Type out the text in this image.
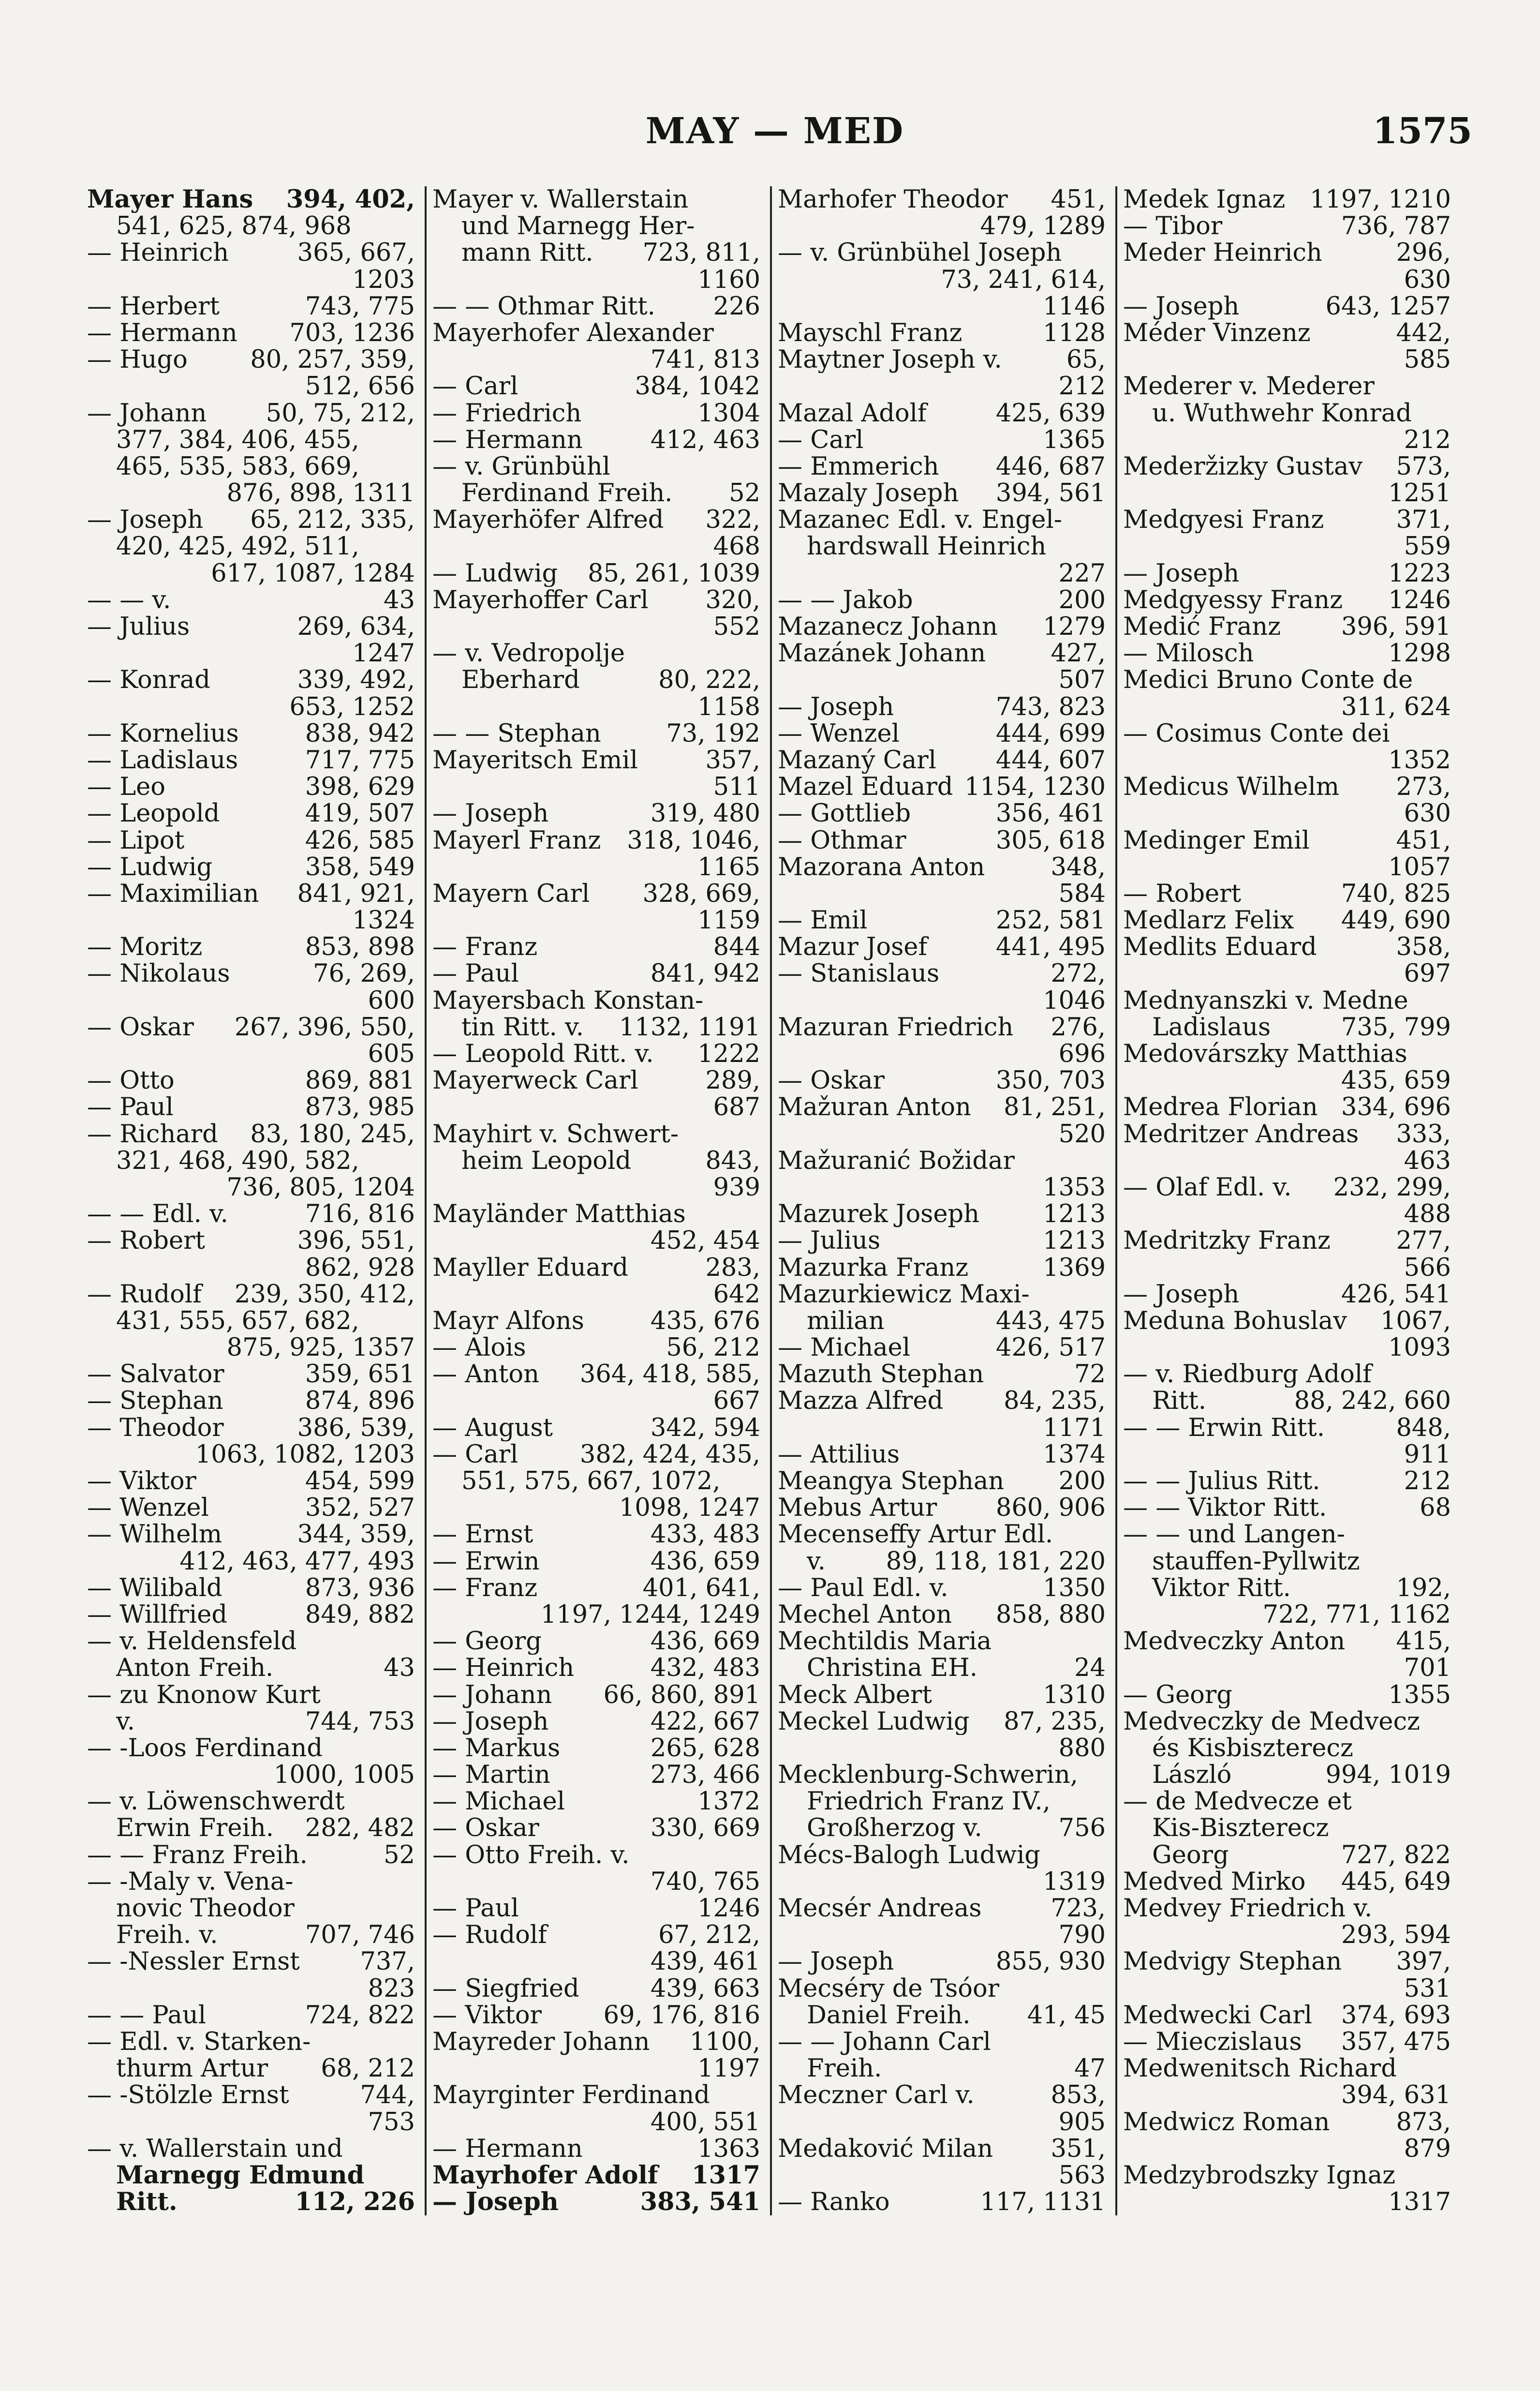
MAY — MED	1575
Mayer Hans 394, 402,
541, 625, 874, 968
— Heinrich	365, 667,
1203
— Herbert	743, 775
— Hermann 703, 1236
— Hugo	80, 257, 359,
512, 656
— Johann 50, 75, 212,
377, 384, 406, 455,
465, 535, 583, 669,
876, 898, 1311
— Joseph 65, 212, 335,
420, 425, 492, 511,
617, 1087, 1284
— — v.	43
— Julius	269, 634,
1247
— Konrad	339, 492,
653, 1252
— Kornelius	838, 942
— Ladislaus	717, 775
— Leo	398, 629
— Leopold	419, 507
— Lipot	426, 585
— Ludwig	358, 549
— Maximilian 841, 921,
1324
— Moritz	853, 898
— Nikolaus	76, 269,
600
— Oskar 267, 396, 550,
605
— Otto	869, 881
— Paul	873, 985
— Richard 83, 180, 245,
321, 468, 490, 582,
736, 805, 1204
— — Edl. v.	716, 816
— Robert	396, 551,
862, 928
— Rudolf 239, 350, 412,
431, 555, 657, 682,
875, 925, 1357
— Salvator	359, 651
— Stephan	874, 896
— Theodor	386, 539,
1063, 1082, 1203
— Viktor	454, 599
— Wenzel	352, 527
— Wilhelm	344, 359,
412, 463, 477, 493
— Wilibald	873, 936
— Willfried	849, 882
— v. Heldensfeld
Anton Freih.	43
— zu Knonow Kurt
v.	744, 753
— -Loos Ferdinand
1000, 1005
— v. Löwenschwerdt
Erwin Freih. 282, 482
— — Franz Freih.	52
— -Maly v. Vena-
novic Theodor
Freih. v.	707, 746
— -Nessler Ernst 737,
823
— — Paul	724, 822
— Edl. v. Starken-
thurm Artur 68, 212
— -Stölzle Ernst	744,
753
— v. Wallerstain und
Marnegg Edmund
Ritt.	112, 226
Mayer v. Wallerstain
und Marnegg Her-
mann Ritt. 723, 811,
1160
— — Othmar Ritt. 226
Mayerhofer Alexander
741, 813
— Carl	384, 1042
— Friedrich	1304
— Hermann	412, 463
— v. Grünbühl
Ferdinand Freih. 52
Mayerhöfer Alfred 322,
468
— Ludwig 85, 261, 1039
Mayerhoffer Carl 320,
552
— v. Vedropolje
Eberhard	80, 222,
1158
— — Stephan	73, 192
Mayeritsch Emil	357,
511
— Joseph	319, 480
Mayerl Franz 318, 1046,
1165
Mayern Carl 328, 669,
1159
— Franz	844
— Paul	841, 942
Mayersbach Konstan-
tin Ritt. v. 1132, 1191
— Leopold Ritt. v. 1222
Mayerweck Carl	289,
687
Mayhirt v. Schwert-
heim Leopold	843,
939
Mayländer Matthias
452, 454
Mayller Eduard	283,
642
Mayr Alfons	435, 676
— Alois	56, 212
— Anton 364, 418, 585,
667
— August	342, 594
— Carl	382, 424, 435,
551, 575, 667, 1072,
1098, 1247
— Ernst	433, 483
— Erwin	436, 659
— Franz	401, 641,
1197, 1244, 1249
— Georg	436, 669
— Heinrich	432, 483
— Johann 66, 860, 891
— Joseph	422, 667
— Markus	265, 628
— Martin	273, 466
— Michael	1372
— Oskar	330, 669
— Otto Freih. v.
740, 765
— Paul	1246
— Rudolf	67, 212,
439, 461
— Siegfried	439, 663
— Viktor	69, 176, 816
Mayreder Johann 1100,
1197
Mayrginter Ferdinand
400, 551
— Hermann	1363
Mayrhofer Adolf 1317
— Joseph	383, 541
Marhofer Theodor 451,
479, 1289
— v. Grünbühel Joseph
73, 241, 614,
1146
Mayschl Franz	1128
Maytner Joseph v.	65,
212
Mazal Adolf	425, 639
— Carl	1365
— Emmerich 446, 687
Mazaly Joseph 394, 561
Mazanec Edl. v. Engel-
hardswall Heinrich
227
— — Jakob	200
Mazanecz Johann 1279
Mazánek Johann	427,
507
— Joseph	743, 823
— Wenzel	444, 699
Mazaný Carl 444, 607
Mazel Eduard 1154, 1230
— Gottlieb	356, 461
— Othmar	305, 618
Mazorana Anton	348,
584
— Emil	252, 581
Mazur Josef	441, 495
— Stanislaus	272,
1046
Mazuran Friedrich 276,
696
— Oskar	350, 703
Mažuran Anton 81, 251,
520
Mažuranić Božidar
1353
Mazurek Joseph	1213
— Julius	1213
Mazurka Franz	1369
Mazurkiewicz Maxi-
milian	443, 475
— Michael	426, 517
Mazuth Stephan	72
Mazza Alfred 84, 235,
1171
— Attilius	1374
Meangya Stephan 200
Mebus Artur 860, 906
Mecenseffy Artur Edl.
v. 89, 118, 181, 220
— Paul Edl. v.	1350
Mechel Anton 858, 880
Mechtildis Maria
Christina EH.	24
Meck Albert	1310
Meckel Ludwig 87, 235,
880
Mecklenburg-Schwerin,
Friedrich Franz IV.,
Großherzog v.	756
Mécs-Balogh Ludwig
1319
Mecsér Andreas	723,
790
— Joseph	855, 930
Mecséry de Tsóor
Daniel Freih. 41, 45
— — Johann Carl
Freih.	47
Meczner Carl v.	853,
905
Medaković Milan 351,
563
— Ranko	117, 1131
Medek Ignaz 1197, 1210
— Tibor	736, 787
Meder Heinrich	296,
630
— Joseph	643, 1257
Méder Vinzenz	442,
585
Mederer v. Mederer
u. Wuthwehr Konrad
212
Mederžizky Gustav 573,
1251
Medgyesi Franz	371,
559
— Joseph	1223
Medgyessy Franz 1246
Medić Franz 396, 591
— Milosch	1298
Medici Bruno Conte de
311, 624
— Cosimus Conte dei
1352
Medicus Wilhelm 273,
630
Medinger Emil	451,
1057
— Robert	740, 825
Medlarz Felix 449, 690
Medlits Eduard	358,
697
Mednyanszki v. Medne
Ladislaus	735, 799
Medovárszky Matthias
435, 659
Medrea Florian 334, 696
Medritzer Andreas 333,
463
— Olaf Edl. v. 232, 299,
488
Medritzky Franz	277,
566
— Joseph	426, 541
Meduna Bohuslav 1067,
1093
— v. Riedburg Adolf
Ritt.	88, 242, 660
— — Erwin Ritt.	848,
911
— — Julius Ritt.	212
— — Viktor Ritt.	68
— — und Langen-
stauffen-Pyllwitz
Viktor Ritt.	192,
722, 771, 1162
Medveczky Anton 415,
701
— Georg	1355
Medveczky de Medvecz
és Kisbiszterecz
László	994, 1019
— de Medvecze et
Kis-Biszterecz
Georg	727, 822
Medved Mirko 445, 649
Medvey Friedrich v.
293, 594
Medvigy Stephan 397,
531
Medwecki Carl 374, 693
— Mieczislaus 357, 475
Medwenitsch Richard
394, 631
Medwicz Roman	873,
879
Medzybrodszky Ignaz
1317
